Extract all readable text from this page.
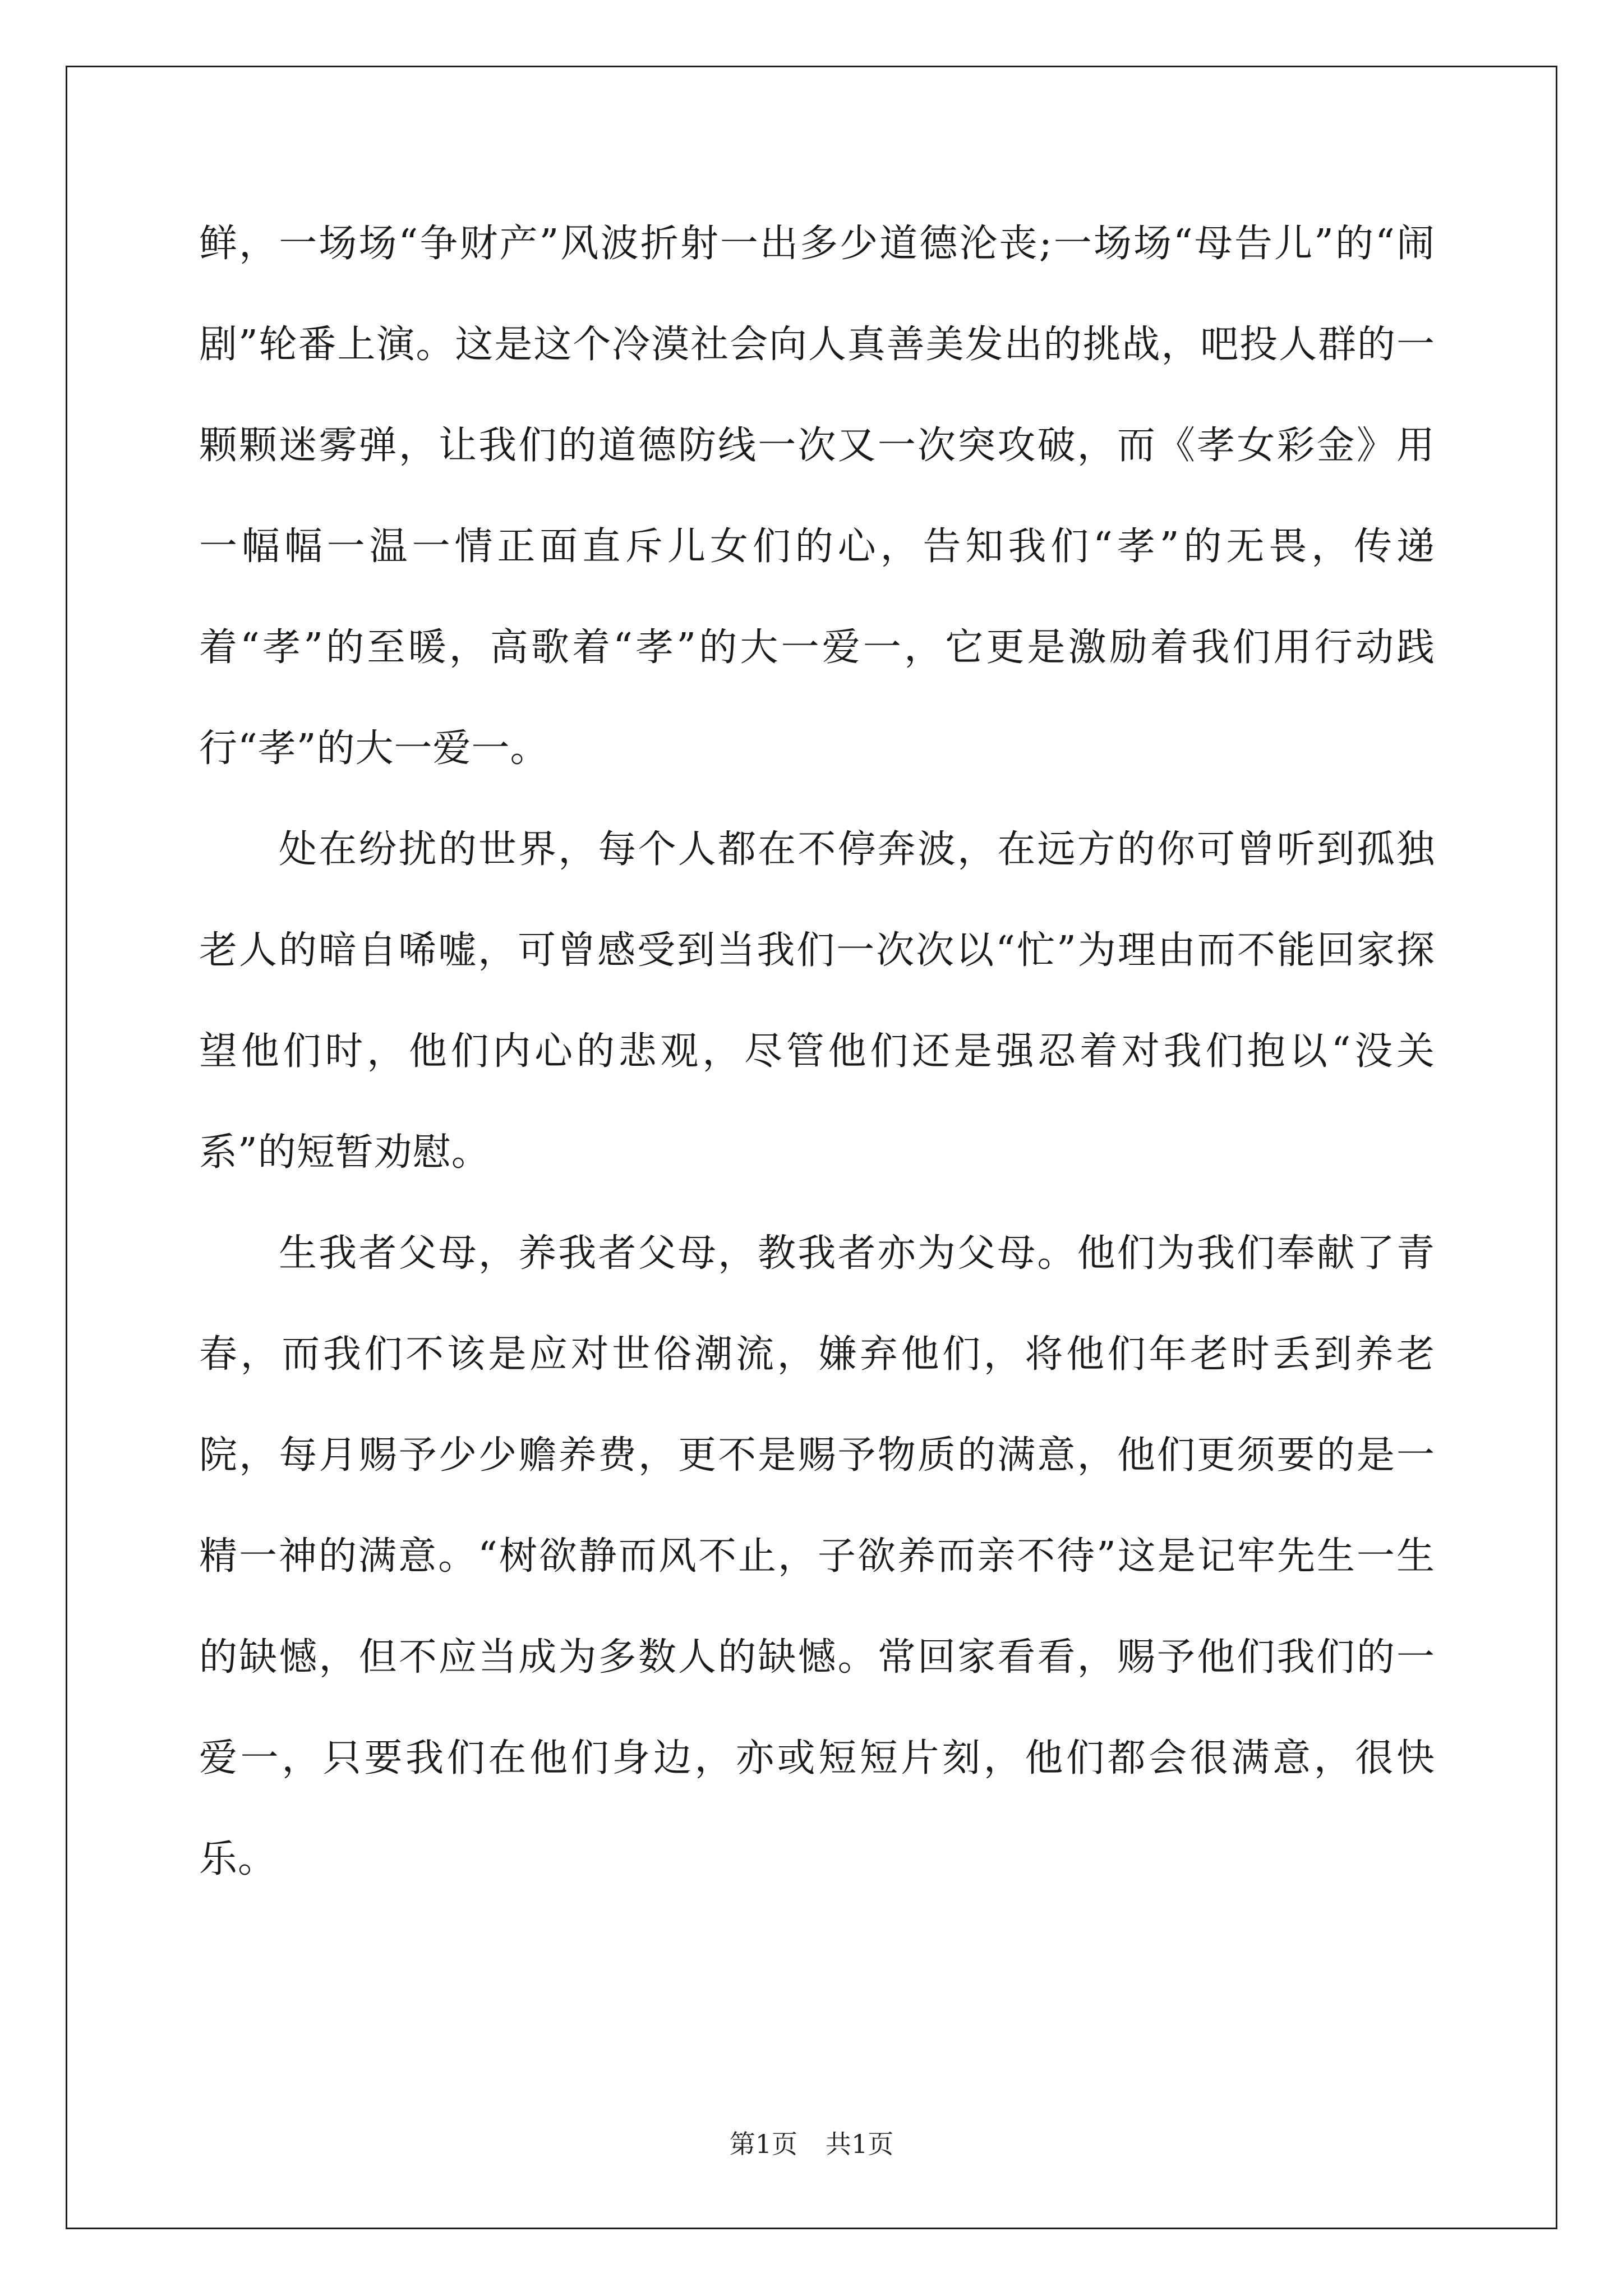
鲜，一场场“争财产”风波折射一出多少道德沦丧;一场场“母告儿”的“闹剧”轮番上演。这是这个冷漠社会向人真善美发出的挑战，吧投人群的一颗颗迷雾弹，让我们的道德防线一次又一次突攻破，而《孝女彩金》用一幅幅一温一情正面直斥儿女们的心，告知我们“孝”的无畏，传递着“孝”的至暖，高歌着“孝”的大一爱一，它更是激励着我们用行动践行“孝”的大一爱一。

处在纷扰的世界，每个人都在不停奔波，在远方的你可曾听到孤独老人的暗自唏嘘，可曾感受到当我们一次次以“忙”为理由而不能回家探望他们时，他们内心的悲观，尽管他们还是强忍着对我们抱以“没关系”的短暂劝慰。

生我者父母，养我者父母，教我者亦为父母。他们为我们奉献了青春，而我们不该是应对世俗潮流，嫌弃他们，将他们年老时丢到养老院，每月赐予少少赡养费，更不是赐予物质的满意，他们更须要的是一精一神的满意。“树欲静而风不止，子欲养而亲不待”这是记牢先生一生的缺憾，但不应当成为多数人的缺憾。常回家看看，赐予他们我们的一爱一，只要我们在他们身边，亦或短短片刻，他们都会很满意，很快乐。

第1页 共1页
